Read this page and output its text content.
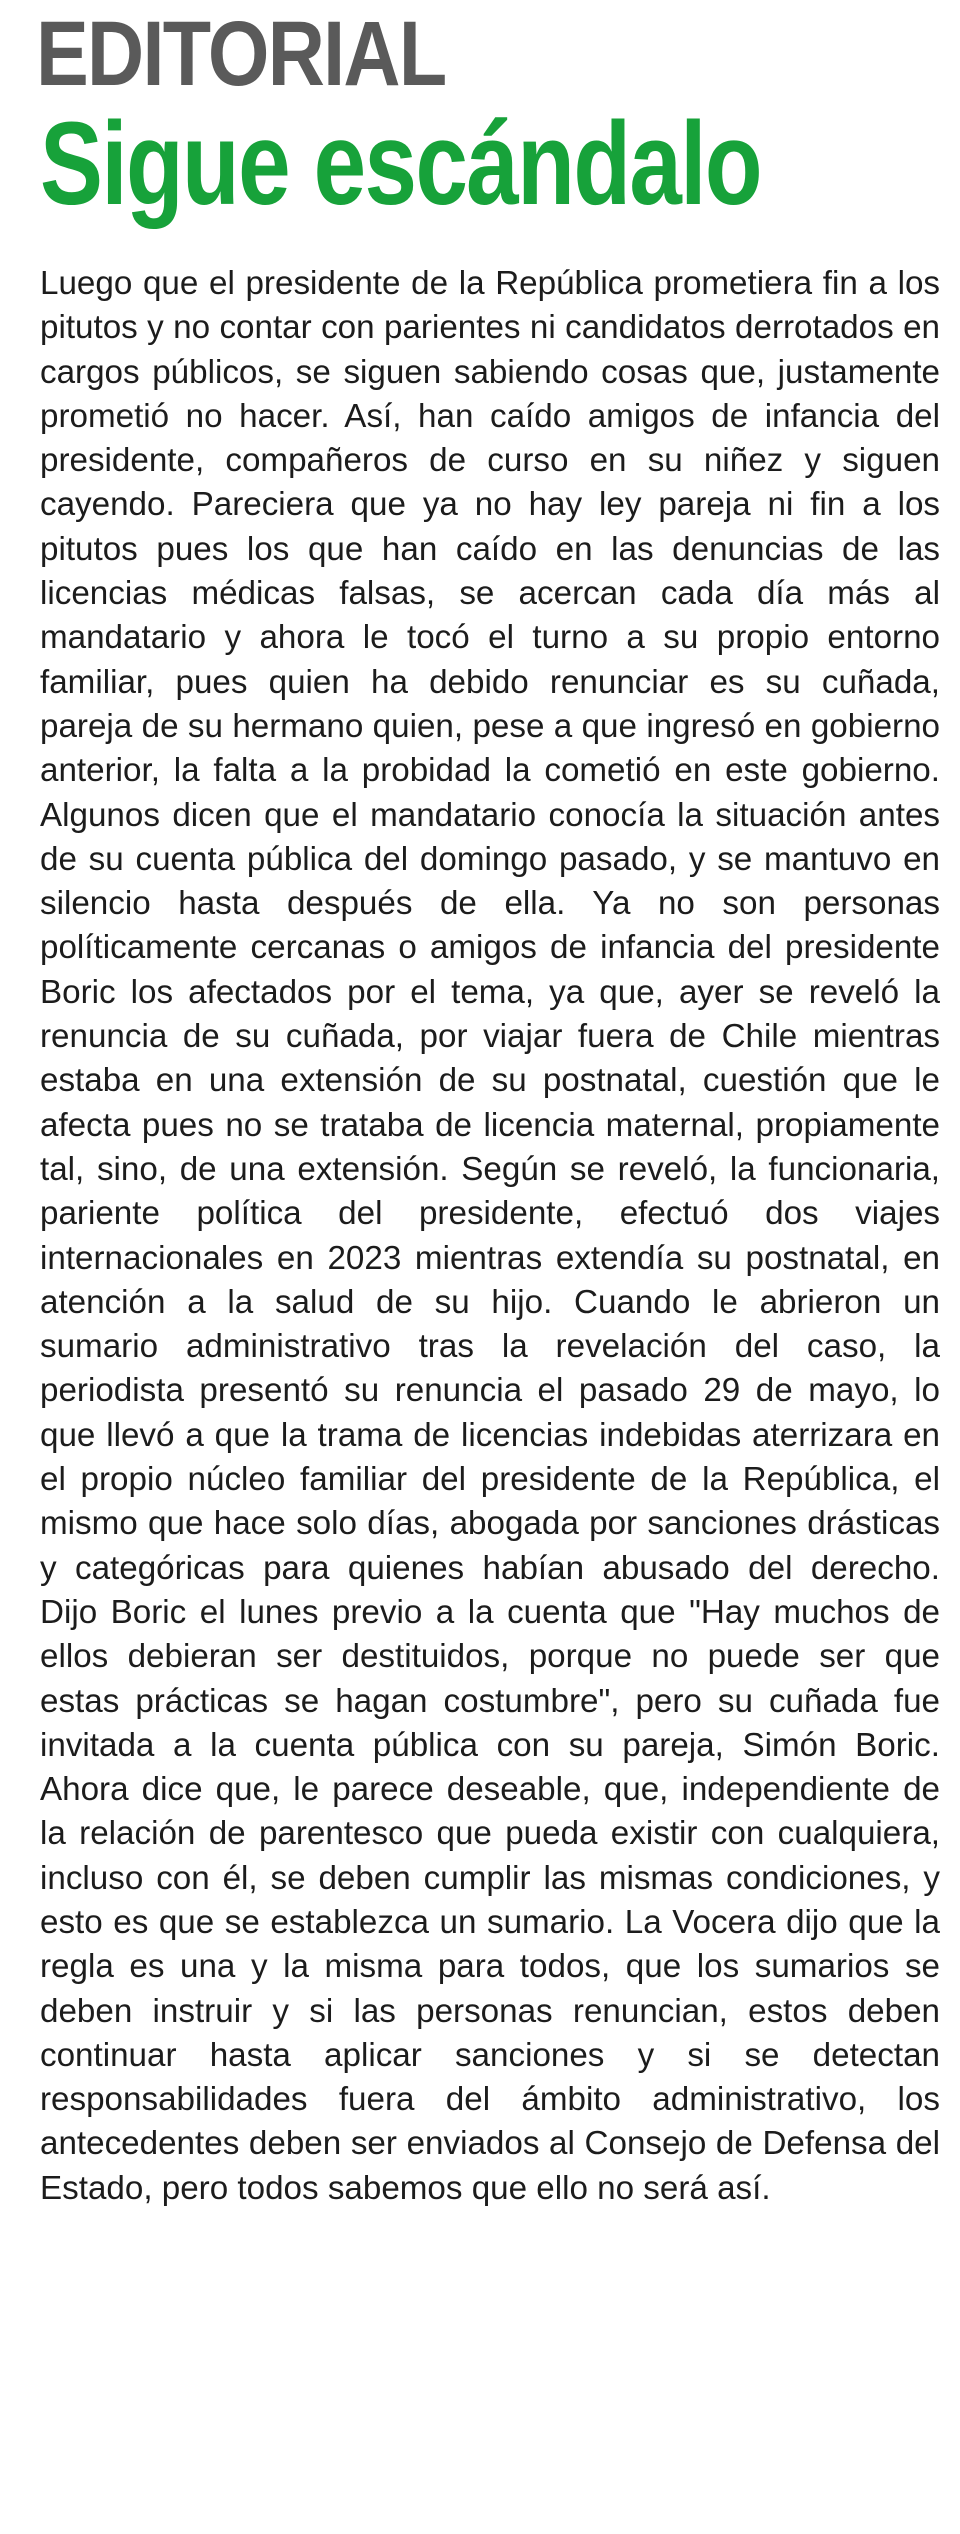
EDITORIAL
Sigue escándalo

Luego que el presidente de la República prometiera fin a los pitutos y no contar con parientes ni candidatos derrotados en cargos públicos, se siguen sabiendo cosas que, justamente prometió no hacer. Así, han caído amigos de infancia del presidente, compañeros de curso en su niñez y siguen cayendo. Pareciera que ya no hay ley pareja ni fin a los pitutos pues los que han caído en las denuncias de las licencias médicas falsas, se acercan cada día más al mandatario y ahora le tocó el turno a su propio entorno familiar, pues quien ha debido renunciar es su cuñada, pareja de su hermano quien, pese a que ingresó en gobierno anterior, la falta a la probidad la cometió en este gobierno. Algunos dicen que el mandatario conocía la situación antes de su cuenta pública del domingo pasado, y se mantuvo en silencio hasta después de ella. Ya no son personas políticamente cercanas o amigos de infancia del presidente Boric los afectados por el tema, ya que, ayer se reveló la renuncia de su cuñada, por viajar fuera de Chile mientras estaba en una extensión de su postnatal, cuestión que le afecta pues no se trataba de licencia maternal, propiamente tal, sino, de una extensión. Según se reveló, la funcionaria, pariente política del presidente, efectuó dos viajes internacionales en 2023 mientras extendía su postnatal, en atención a la salud de su hijo. Cuando le abrieron un sumario administrativo tras la revelación del caso, la periodista presentó su renuncia el pasado 29 de mayo, lo que llevó a que la trama de licencias indebidas aterrizara en el propio núcleo familiar del presidente de la República, el mismo que hace solo días, abogada por sanciones drásticas y categóricas para quienes habían abusado del derecho. Dijo Boric el lunes previo a la cuenta que "Hay muchos de ellos debieran ser destituidos, porque no puede ser que estas prácticas se hagan costumbre", pero su cuñada fue invitada a la cuenta pública con su pareja, Simón Boric. Ahora dice que, le parece deseable, que, independiente de la relación de parentesco que pueda existir con cualquiera, incluso con él, se deben cumplir las mismas condiciones, y esto es que se establezca un sumario. La Vocera dijo que la regla es una y la misma para todos, que los sumarios se deben instruir y si las personas renuncian, estos deben continuar hasta aplicar sanciones y si se detectan responsabilidades fuera del ámbito administrativo, los antecedentes deben ser enviados al Consejo de Defensa del Estado, pero todos sabemos que ello no será así.
